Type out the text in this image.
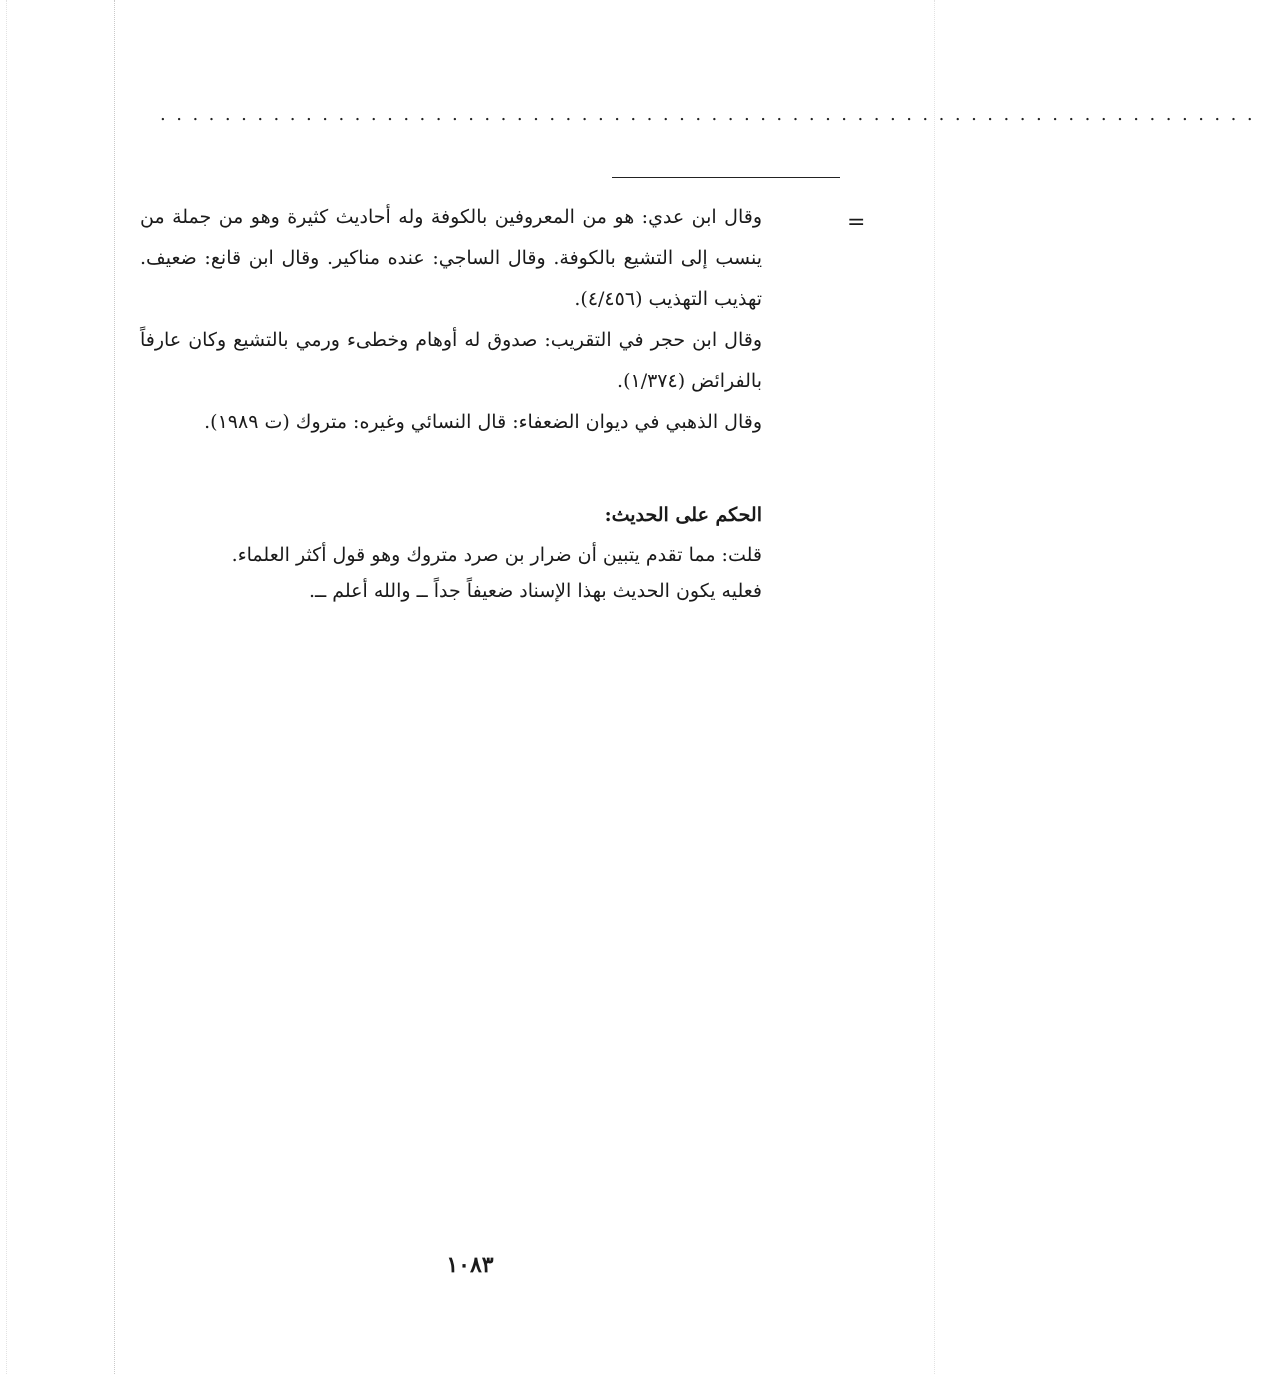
....................................................................
=

وقال ابن عدي: هو من المعروفين بالكوفة وله أحاديث كثيرة وهو من جملة من ينسب إلى التشيع بالكوفة. وقال الساجي: عنده مناكير. وقال ابن قانع: ضعيف. تهذيب التهذيب (٤/٤٥٦).

وقال ابن حجر في التقريب: صدوق له أوهام وخطىء ورمي بالتشيع وكان عارفاً بالفرائض (١/٣٧٤).

وقال الذهبي في ديوان الضعفاء: قال النسائي وغيره: متروك (ت ١٩٨٩).

الحكم على الحديث:

قلت: مما تقدم يتبين أن ضرار بن صرد متروك وهو قول أكثر العلماء.

فعليه يكون الحديث بهذا الإسناد ضعيفاً جداً ــ والله أعلم ــ.

١٠٨٣
